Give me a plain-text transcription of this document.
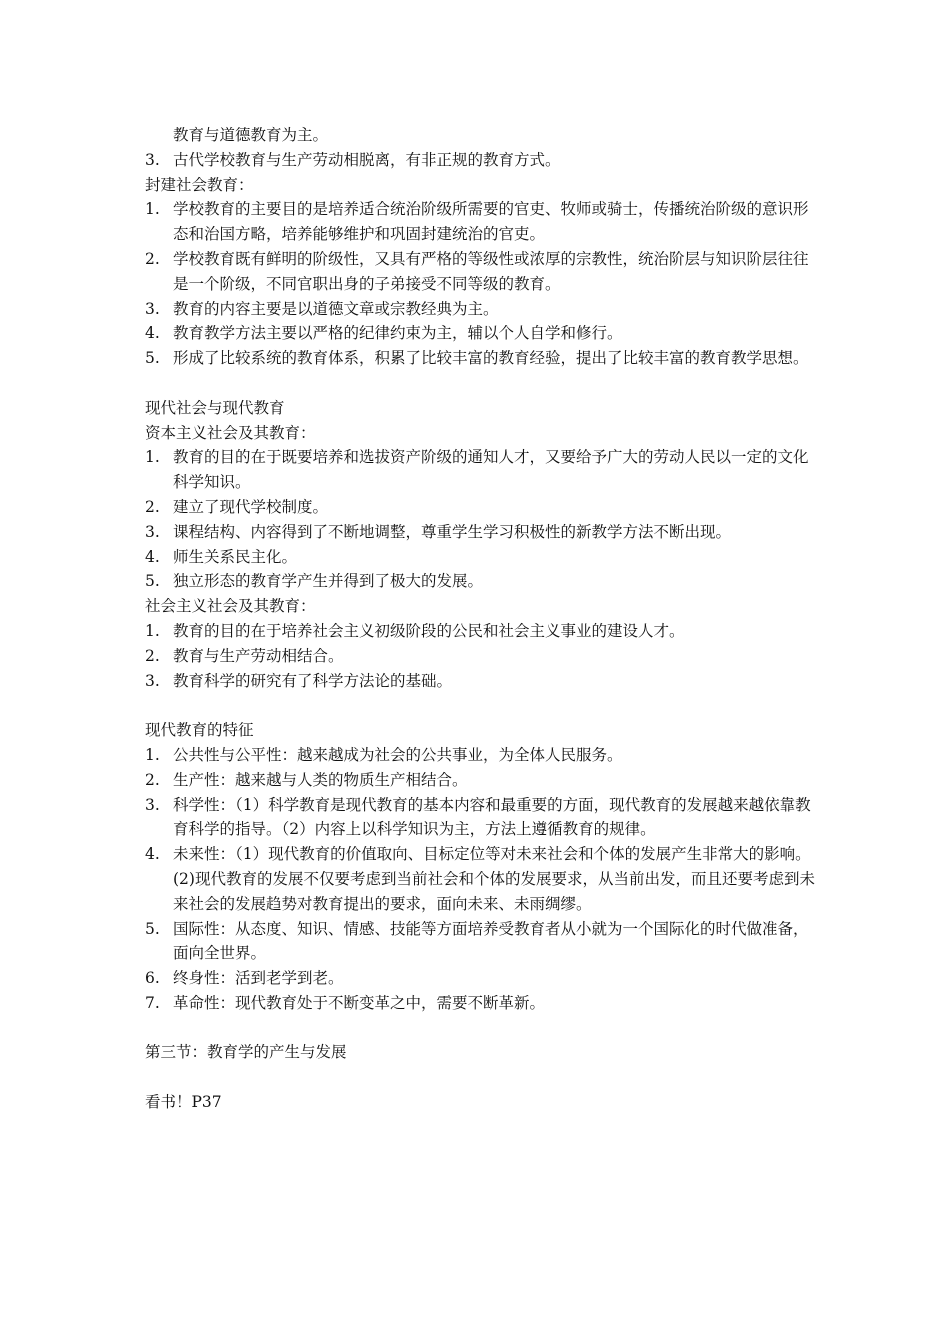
教育与道德教育为主。

3. 古代学校教育与生产劳动相脱离，有非正规的教育方式。

封建社会教育：

1. 学校教育的主要目的是培养适合统治阶级所需要的官吏、牧师或骑士，传播统治阶级的意识形态和治国方略，培养能够维护和巩固封建统治的官吏。
2. 学校教育既有鲜明的阶级性，又具有严格的等级性或浓厚的宗教性，统治阶层与知识阶层往往是一个阶级，不同官职出身的子弟接受不同等级的教育。
3. 教育的内容主要是以道德文章或宗教经典为主。
4. 教育教学方法主要以严格的纪律约束为主，辅以个人自学和修行。
5. 形成了比较系统的教育体系，积累了比较丰富的教育经验，提出了比较丰富的教育教学思想。

现代社会与现代教育

资本主义社会及其教育：

1. 教育的目的在于既要培养和选拔资产阶级的通知人才，又要给予广大的劳动人民以一定的文化科学知识。
2. 建立了现代学校制度。
3. 课程结构、内容得到了不断地调整，尊重学生学习积极性的新教学方法不断出现。
4. 师生关系民主化。
5. 独立形态的教育学产生并得到了极大的发展。

社会主义社会及其教育：

1. 教育的目的在于培养社会主义初级阶段的公民和社会主义事业的建设人才。
2. 教育与生产劳动相结合。
3. 教育科学的研究有了科学方法论的基础。

现代教育的特征

1. 公共性与公平性：越来越成为社会的公共事业，为全体人民服务。
2. 生产性：越来越与人类的物质生产相结合。
3. 科学性：（1）科学教育是现代教育的基本内容和最重要的方面，现代教育的发展越来越依靠教育科学的指导。（2）内容上以科学知识为主，方法上遵循教育的规律。
4. 未来性：（1）现代教育的价值取向、目标定位等对未来社会和个体的发展产生非常大的影响。(2)现代教育的发展不仅要考虑到当前社会和个体的发展要求，从当前出发，而且还要考虑到未来社会的发展趋势对教育提出的要求，面向未来、未雨绸缪。
5. 国际性：从态度、知识、情感、技能等方面培养受教育者从小就为一个国际化的时代做准备，面向全世界。
6. 终身性：活到老学到老。
7. 革命性：现代教育处于不断变革之中，需要不断革新。

第三节：教育学的产生与发展

看书！P37
